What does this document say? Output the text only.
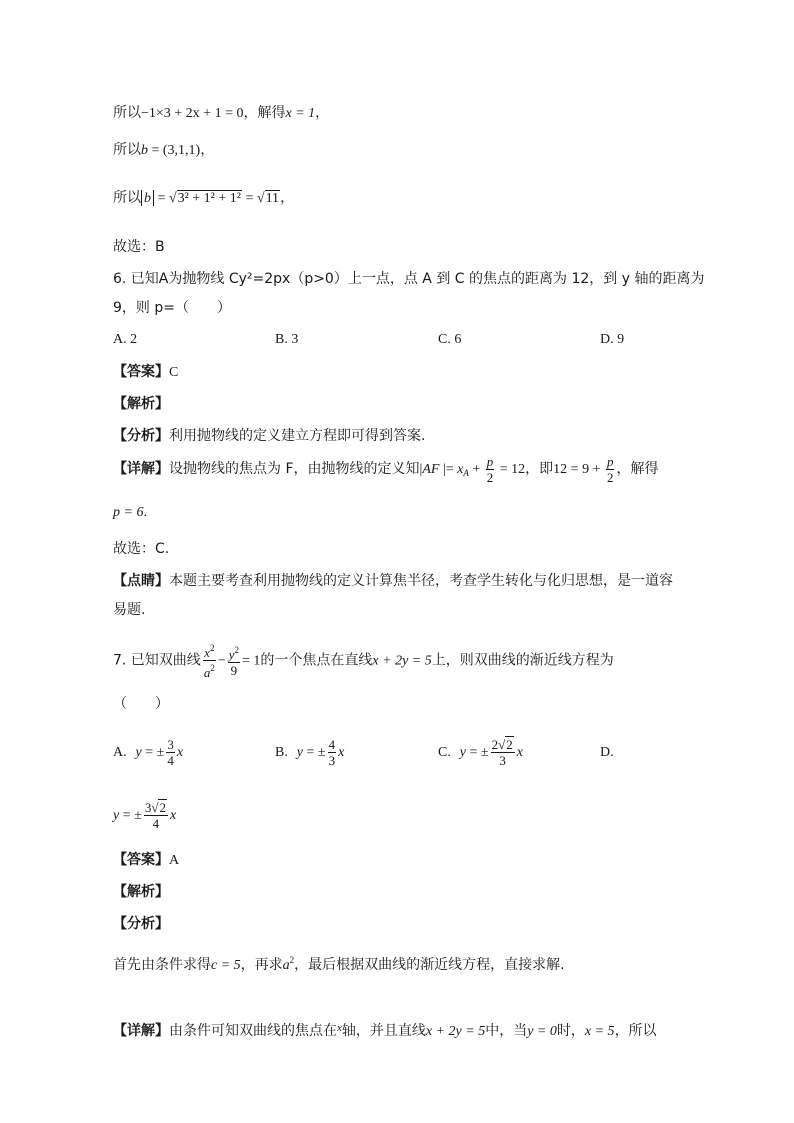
所以−1×3 + 2x + 1 = 0，解得x = 1，
所以b = (3,1,1)，
所以 b = √3² + 1² + 1² = √11，
故选：B
6. 已知A为抛物线 Cy²=2px（p>0）上一点，点 A 到 C 的焦点的距离为 12，到 y 轴的距离为
9，则 p=（　　）
A. 2	B. 3	C. 6	D. 9
【答案】C
【解析】
【分析】利用抛物线的定义建立方程即可得到答案.
【详解】设抛物线的焦点为 F，由抛物线的定义知|AF |= $x_A + \frac{p}{2} = 12$，即$12 = 9 + \frac{p}{2}$ ，解得
p = 6.
故选：C.
【点睛】本题主要考查利用抛物线的定义计算焦半径，考查学生转化与化归思想，是一道容
易题.
7. 已知双曲线 $\frac{x^2}{a^2} - \frac{y^2}{9} = 1$的一个焦点在直线x + 2y = 5上，则双曲线的渐近线方程为
（　　）
A. y = ± $\frac{3}{4}$ x	B. y = ± $\frac{4}{3}$ x	C. y = ± $\frac{2√2}{3}$ x	D.
y = ± $\frac{3√2}{4}$ x
【答案】A
【解析】
【分析】
首先由条件求得c = 5，再求$a^2$，最后根据双曲线的渐近线方程，直接求解.
【详解】由条件可知双曲线的焦点在$^x$轴，并且直线x + 2y = 5中，当y = 0时，x = 5，所以
